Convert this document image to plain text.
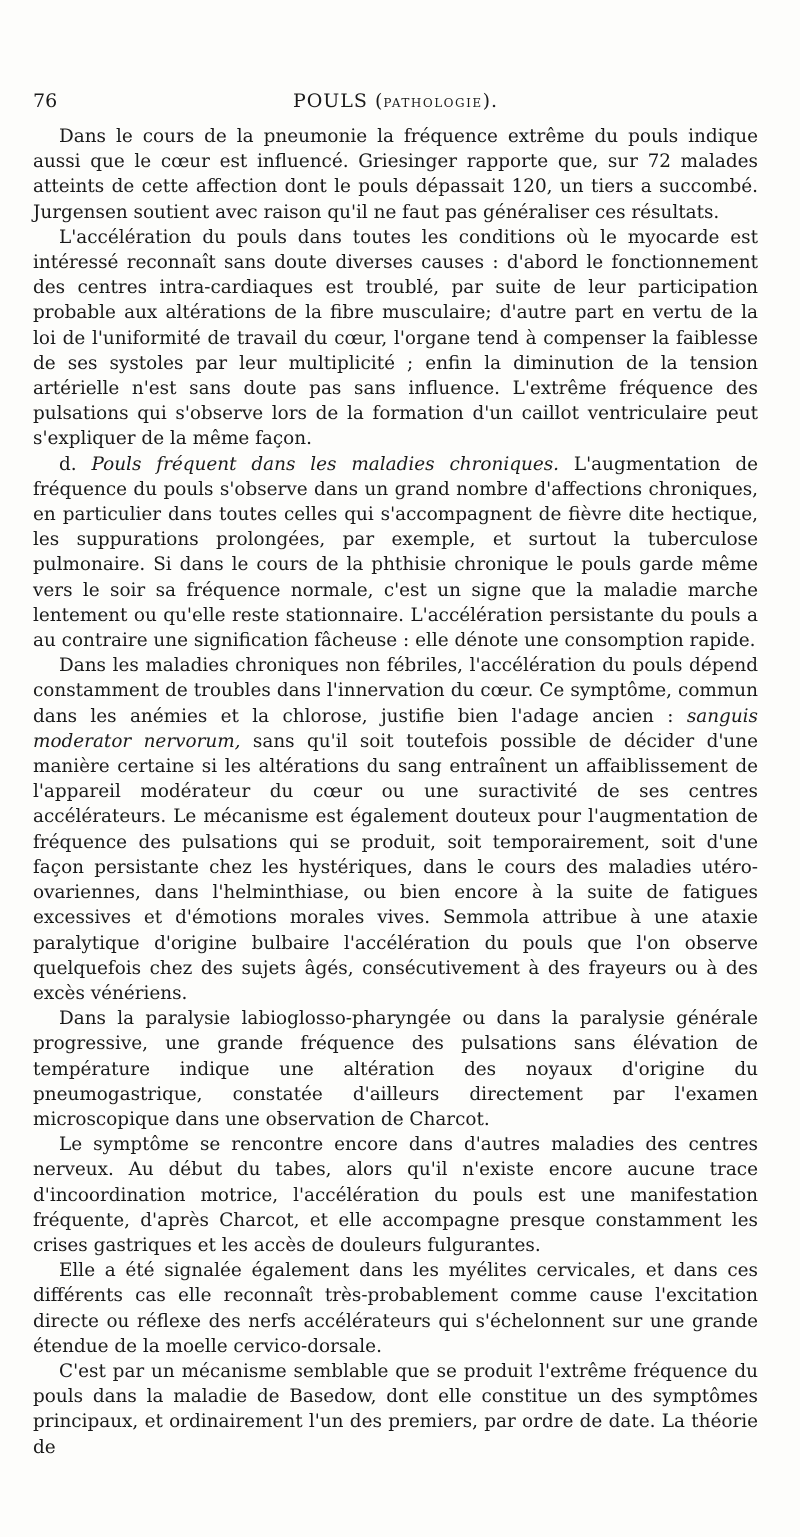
76	POULS (PATHOLOGIE).

Dans le cours de la pneumonie la fréquence extrême du pouls indique aussi que le cœur est influencé. Griesinger rapporte que, sur 72 malades atteints de cette affection dont le pouls dépassait 120, un tiers a succombé. Jurgensen soutient avec raison qu'il ne faut pas généraliser ces résultats.

L'accélération du pouls dans toutes les conditions où le myocarde est intéressé reconnaît sans doute diverses causes : d'abord le fonctionnement des centres intra-cardiaques est troublé, par suite de leur participation probable aux altérations de la fibre musculaire; d'autre part en vertu de la loi de l'uniformité de travail du cœur, l'organe tend à compenser la faiblesse de ses systoles par leur multiplicité ; enfin la diminution de la tension artérielle n'est sans doute pas sans influence. L'extrême fréquence des pulsations qui s'observe lors de la formation d'un caillot ventriculaire peut s'expliquer de la même façon.

d. Pouls fréquent dans les maladies chroniques. L'augmentation de fréquence du pouls s'observe dans un grand nombre d'affections chroniques, en particulier dans toutes celles qui s'accompagnent de fièvre dite hectique, les suppurations prolongées, par exemple, et surtout la tuberculose pulmonaire. Si dans le cours de la phthisie chronique le pouls garde même vers le soir sa fréquence normale, c'est un signe que la maladie marche lentement ou qu'elle reste stationnaire. L'accélération persistante du pouls a au contraire une signification fâcheuse : elle dénote une consomption rapide.

Dans les maladies chroniques non fébriles, l'accélération du pouls dépend constamment de troubles dans l'innervation du cœur. Ce symptôme, commun dans les anémies et la chlorose, justifie bien l'adage ancien : sanguis moderator nervorum, sans qu'il soit toutefois possible de décider d'une manière certaine si les altérations du sang entraînent un affaiblissement de l'appareil modérateur du cœur ou une suractivité de ses centres accélérateurs. Le mécanisme est également douteux pour l'augmentation de fréquence des pulsations qui se produit, soit temporairement, soit d'une façon persistante chez les hystériques, dans le cours des maladies utéro-ovariennes, dans l'helminthiase, ou bien encore à la suite de fatigues excessives et d'émotions morales vives. Semmola attribue à une ataxie paralytique d'origine bulbaire l'accélération du pouls que l'on observe quelquefois chez des sujets âgés, consécutivement à des frayeurs ou à des excès vénériens.

Dans la paralysie labioglosso-pharyngée ou dans la paralysie générale progressive, une grande fréquence des pulsations sans élévation de température indique une altération des noyaux d'origine du pneumogastrique, constatée d'ailleurs directement par l'examen microscopique dans une observation de Charcot.

Le symptôme se rencontre encore dans d'autres maladies des centres nerveux. Au début du tabes, alors qu'il n'existe encore aucune trace d'incoordination motrice, l'accélération du pouls est une manifestation fréquente, d'après Charcot, et elle accompagne presque constamment les crises gastriques et les accès de douleurs fulgurantes.

Elle a été signalée également dans les myélites cervicales, et dans ces différents cas elle reconnaît très-probablement comme cause l'excitation directe ou réflexe des nerfs accélérateurs qui s'échelonnent sur une grande étendue de la moelle cervico-dorsale.

C'est par un mécanisme semblable que se produit l'extrême fréquence du pouls dans la maladie de Basedow, dont elle constitue un des symptômes principaux, et ordinairement l'un des premiers, par ordre de date. La théorie de
